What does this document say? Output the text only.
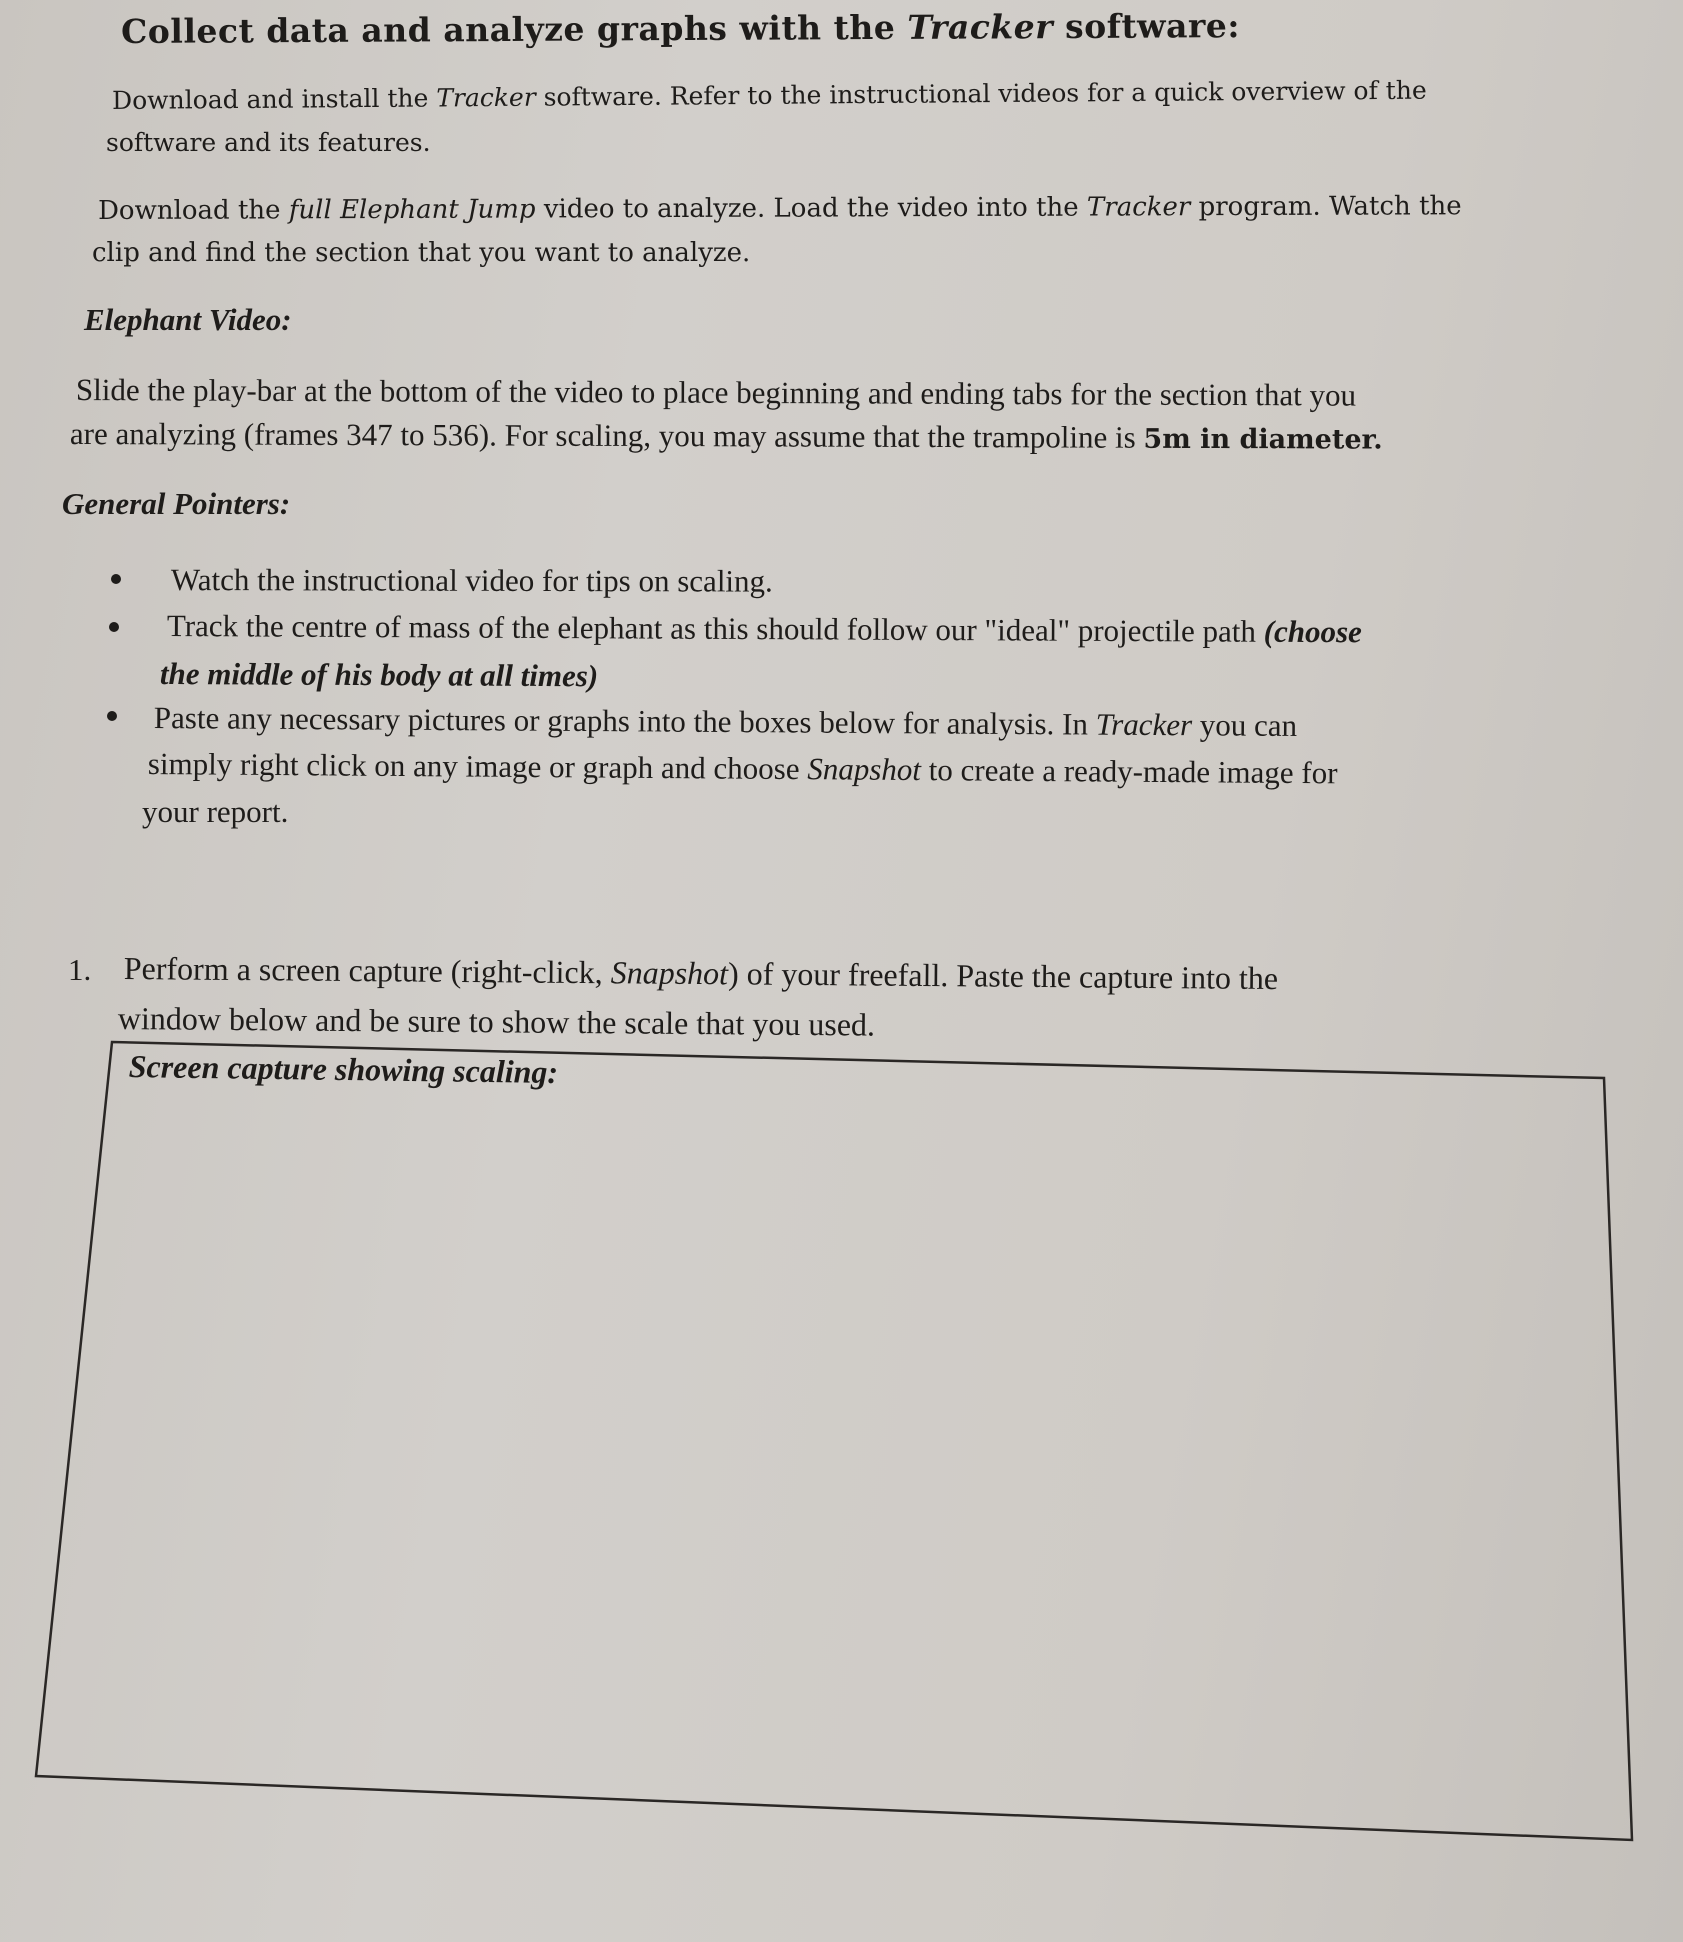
Collect data and analyze graphs with the Tracker software:
Download and install the Tracker software. Refer to the instructional videos for a quick overview of the
software and its features.
Download the full Elephant Jump video to analyze. Load the video into the Tracker program. Watch the
clip and find the section that you want to analyze.
Elephant Video:
Slide the play-bar at the bottom of the video to place beginning and ending tabs for the section that you
are analyzing (frames 347 to 536). For scaling, you may assume that the trampoline is 5m in diameter.
General Pointers:
Watch the instructional video for tips on scaling.
Track the centre of mass of the elephant as this should follow our "ideal" projectile path (choose
the middle of his body at all times)
Paste any necessary pictures or graphs into the boxes below for analysis. In Tracker you can
simply right click on any image or graph and choose Snapshot to create a ready-made image for
your report.
1. Perform a screen capture (right-click, Snapshot) of your freefall. Paste the capture into the
window below and be sure to show the scale that you used.
Screen capture showing scaling:
